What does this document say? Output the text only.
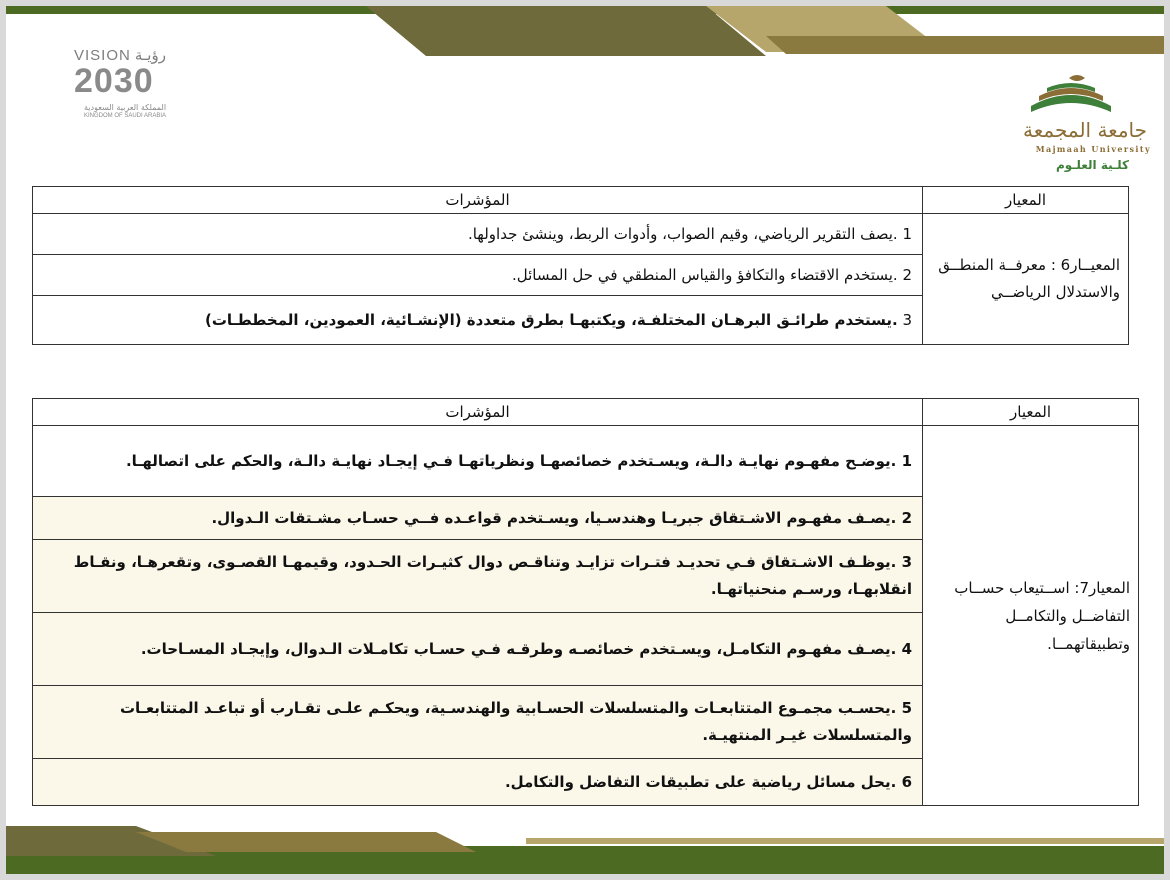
VISION رؤيـة
2030
المملكة العربية السعودية
KINGDOM OF SAUDI ARABIA
جامعة المجمعة
Majmaah University
كلـية العلـوم
المعيار	المؤشرات
المعيــار6 : معرفــة المنطــق والاستدلال الرياضــي	1 .يصف التقرير الرياضي، وقيم الصواب، وأدوات الربط، وينشئ جداولها.
	2 .يستخدم الاقتضاء والتكافؤ والقياس المنطقي في حل المسائل.
	3 .يستخدم طرائـق البرهـان المختلفـة، ويكتبهـا بطرق متعددة (الإنشـائية، العمودين، المخططـات)
المعيار	المؤشرات
المعيار7: اســتيعاب حســاب التفاضــل والتكامــل وتطبيقاتهمــا.	1 .يوضـح مفهـوم نهايـة دالـة، ويسـتخدم خصائصهـا ونظرياتهـا فـي إيجـاد نهايـة دالـة، والحكم على اتصالهـا.
	2 .يصـف مفهـوم الاشـتقاق جبريـا وهندسـيا، ويسـتخدم قواعـده فــي حسـاب مشـتقات الـدوال.
	3 .يوظـف الاشـتقاق فـي تحديـد فتـرات تزايـد وتناقـص دوال كثيـرات الحـدود، وقيمهـا القصـوى، وتقعرهـا، ونقـاط انقلابهـا، ورسـم منحنياتهـا.
	4 .يصـف مفهـوم التكامـل، ويسـتخدم خصائصـه وطرقـه فـي حسـاب تكامـلات الـدوال، وإيجـاد المسـاحات.
	5 .يحسـب مجمـوع المتتابعـات والمتسلسلات الحسـابية والهندسـية، ويحكـم علـى تقـارب أو تباعـد المتتابعـات والمتسلسلات غيـر المنتهيـة.
	6 .يحل مسائل رياضية على تطبيقات التفاضل والتكامل.
